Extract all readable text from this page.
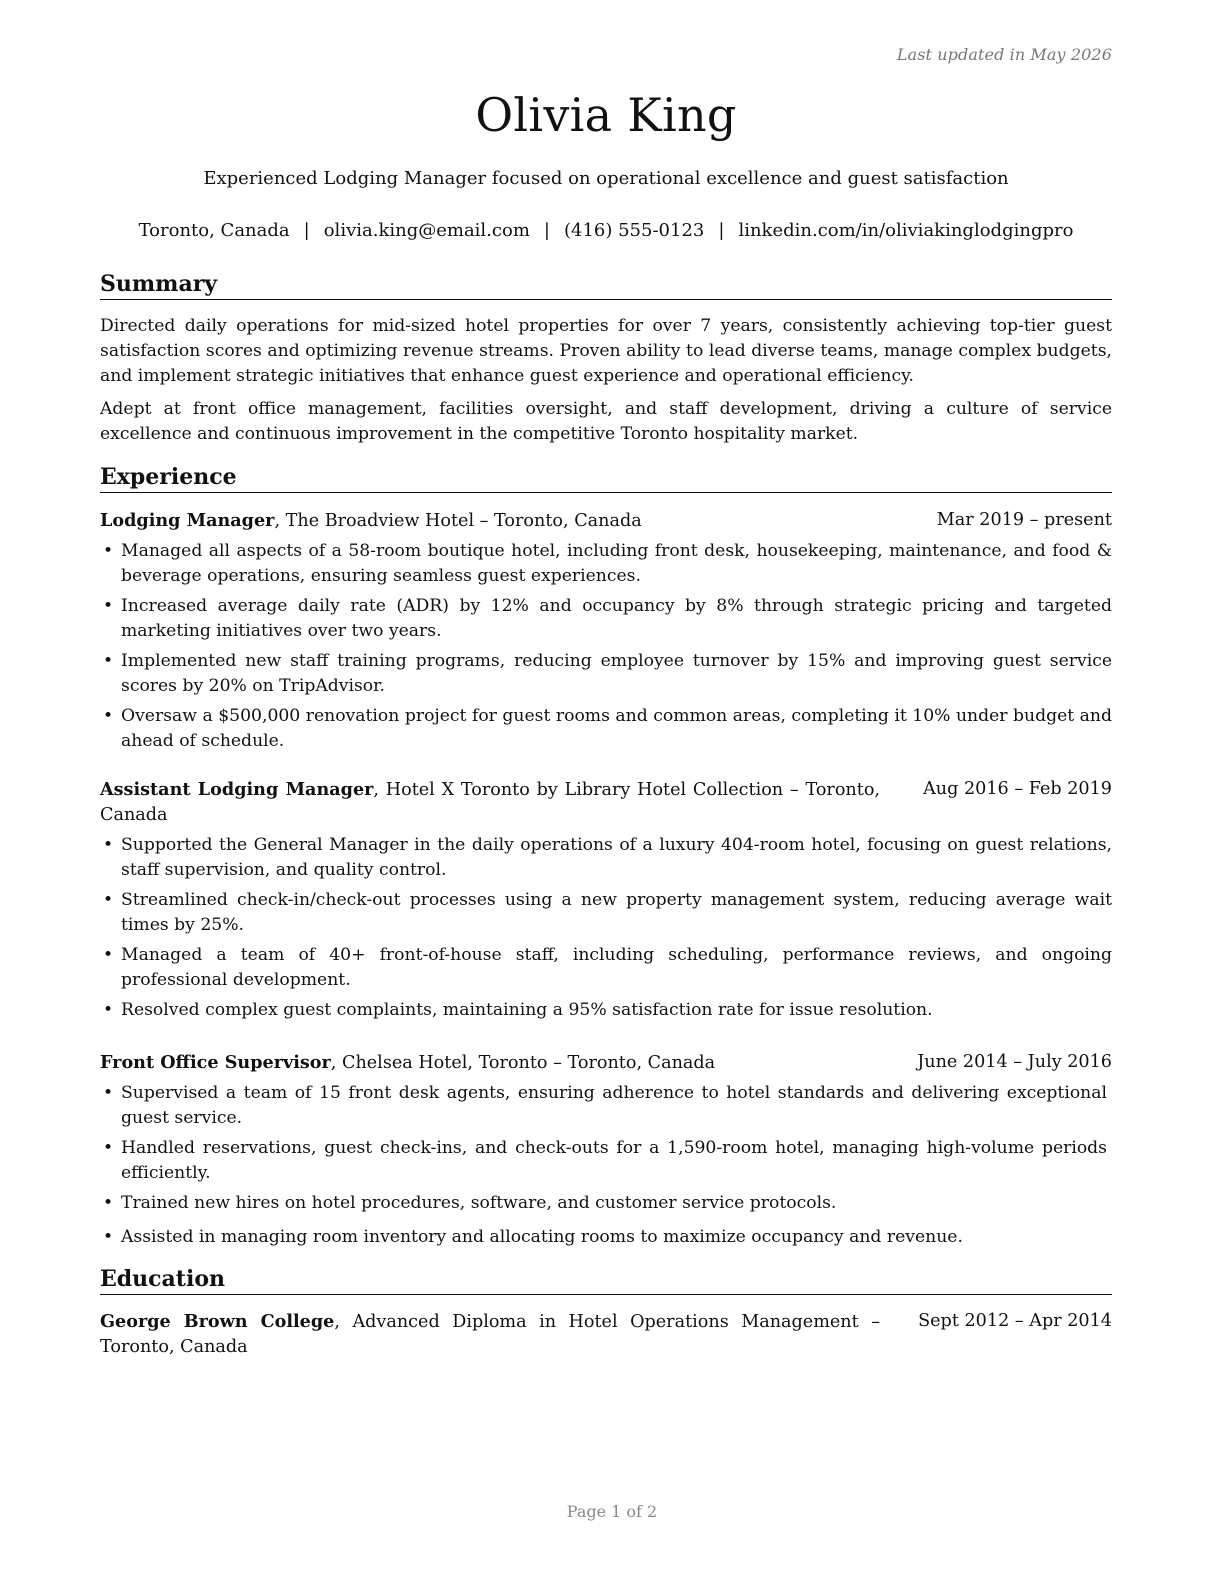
Last updated in May 2026
Olivia King
Experienced Lodging Manager focused on operational excellence and guest satisfaction
Toronto, Canada | olivia.king@email.com | (416) 555-0123 | linkedin.com/in/oliviakinglodgingpro
Summary

Directed daily operations for mid-sized hotel properties for over 7 years, consistently achieving top-tier guest satisfaction scores and optimizing revenue streams. Proven ability to lead diverse teams, manage complex budgets, and implement strategic initiatives that enhance guest experience and operational efficiency.

Adept at front office management, facilities oversight, and staff development, driving a culture of service excellence and continuous improvement in the competitive Toronto hospitality market.

Experience
Lodging Manager, The Broadview Hotel – Toronto, Canada	Mar 2019 – present
• Managed all aspects of a 58-room boutique hotel, including front desk, housekeeping, maintenance, and food & beverage operations, ensuring seamless guest experiences.
• Increased average daily rate (ADR) by 12% and occupancy by 8% through strategic pricing and targeted marketing initiatives over two years.
• Implemented new staff training programs, reducing employee turnover by 15% and improving guest service scores by 20% on TripAdvisor.
• Oversaw a $500,000 renovation project for guest rooms and common areas, completing it 10% under budget and ahead of schedule.
Assistant Lodging Manager, Hotel X Toronto by Library Hotel Collection – Toronto, Canada
Aug 2016 – Feb 2019
• Supported the General Manager in the daily operations of a luxury 404-room hotel, focusing on guest relations, staff supervision, and quality control.
• Streamlined check-in/check-out processes using a new property management system, reducing average wait times by 25%.
• Managed a team of 40+ front-of-house staff, including scheduling, performance reviews, and ongoing professional development.
• Resolved complex guest complaints, maintaining a 95% satisfaction rate for issue resolution.
Front Office Supervisor, Chelsea Hotel, Toronto – Toronto, Canada	June 2014 – July 2016
• Supervised a team of 15 front desk agents, ensuring adherence to hotel standards and delivering exceptional guest service.
• Handled reservations, guest check-ins, and check-outs for a 1,590-room hotel, managing high-volume periods efficiently.
• Trained new hires on hotel procedures, software, and customer service protocols.
• Assisted in managing room inventory and allocating rooms to maximize occupancy and revenue.
Education
George Brown College, Advanced Diploma in Hotel Operations Management – Toronto, Canada
Sept 2012 – Apr 2014
Page 1 of 2
